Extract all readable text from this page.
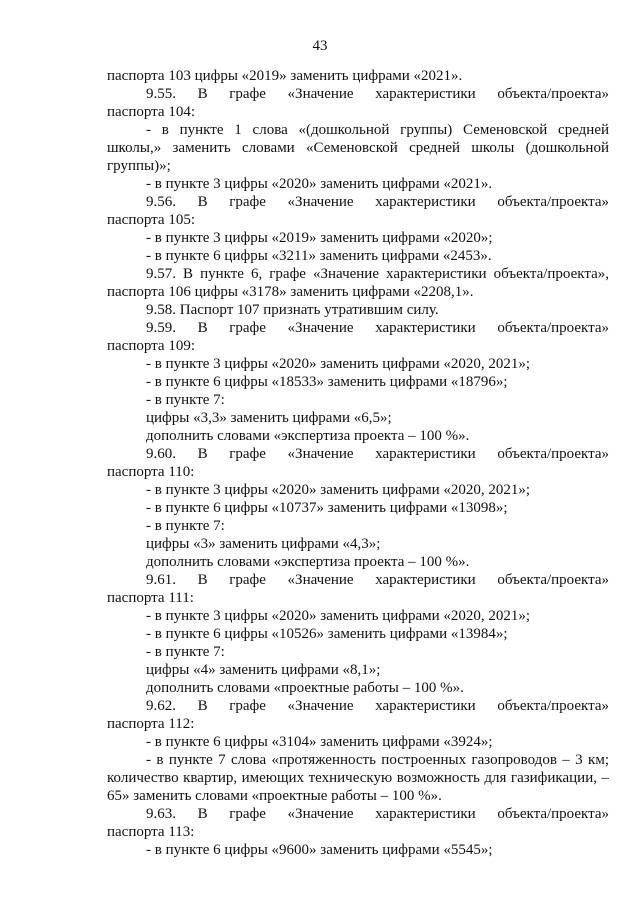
43
паспорта 103 цифры «2019» заменить цифрами «2021».
9.55. В графе «Значение характеристики объекта/проекта»
паспорта 104:
- в пункте 1 слова «(дошкольной группы) Семеновской средней
школы,» заменить словами «Семеновской средней школы (дошкольной
группы)»;
- в пункте 3 цифры «2020» заменить цифрами «2021».
9.56. В графе «Значение характеристики объекта/проекта»
паспорта 105:
- в пункте 3 цифры «2019» заменить цифрами «2020»;
- в пункте 6 цифры «3211» заменить цифрами «2453».
9.57. В пункте 6, графе «Значение характеристики объекта/проекта»,
паспорта 106 цифры «3178» заменить цифрами «2208,1».
9.58. Паспорт 107 признать утратившим силу.
9.59. В графе «Значение характеристики объекта/проекта»
паспорта 109:
- в пункте 3 цифры «2020» заменить цифрами «2020, 2021»;
- в пункте 6 цифры «18533» заменить цифрами «18796»;
- в пункте 7:
цифры «3,3» заменить цифрами «6,5»;
дополнить словами «экспертиза проекта – 100 %».
9.60. В графе «Значение характеристики объекта/проекта»
паспорта 110:
- в пункте 3 цифры «2020» заменить цифрами «2020, 2021»;
- в пункте 6 цифры «10737» заменить цифрами «13098»;
- в пункте 7:
цифры «3» заменить цифрами «4,3»;
дополнить словами «экспертиза проекта – 100 %».
9.61. В графе «Значение характеристики объекта/проекта»
паспорта 111:
- в пункте 3 цифры «2020» заменить цифрами «2020, 2021»;
- в пункте 6 цифры «10526» заменить цифрами «13984»;
- в пункте 7:
цифры «4» заменить цифрами «8,1»;
дополнить словами «проектные работы – 100 %».
9.62. В графе «Значение характеристики объекта/проекта»
паспорта 112:
- в пункте 6 цифры «3104» заменить цифрами «3924»;
- в пункте 7 слова «протяженность построенных газопроводов – 3 км;
количество квартир, имеющих техническую возможность для газификации, –
65» заменить словами «проектные работы – 100 %».
9.63. В графе «Значение характеристики объекта/проекта»
паспорта 113:
- в пункте 6 цифры «9600» заменить цифрами «5545»;
